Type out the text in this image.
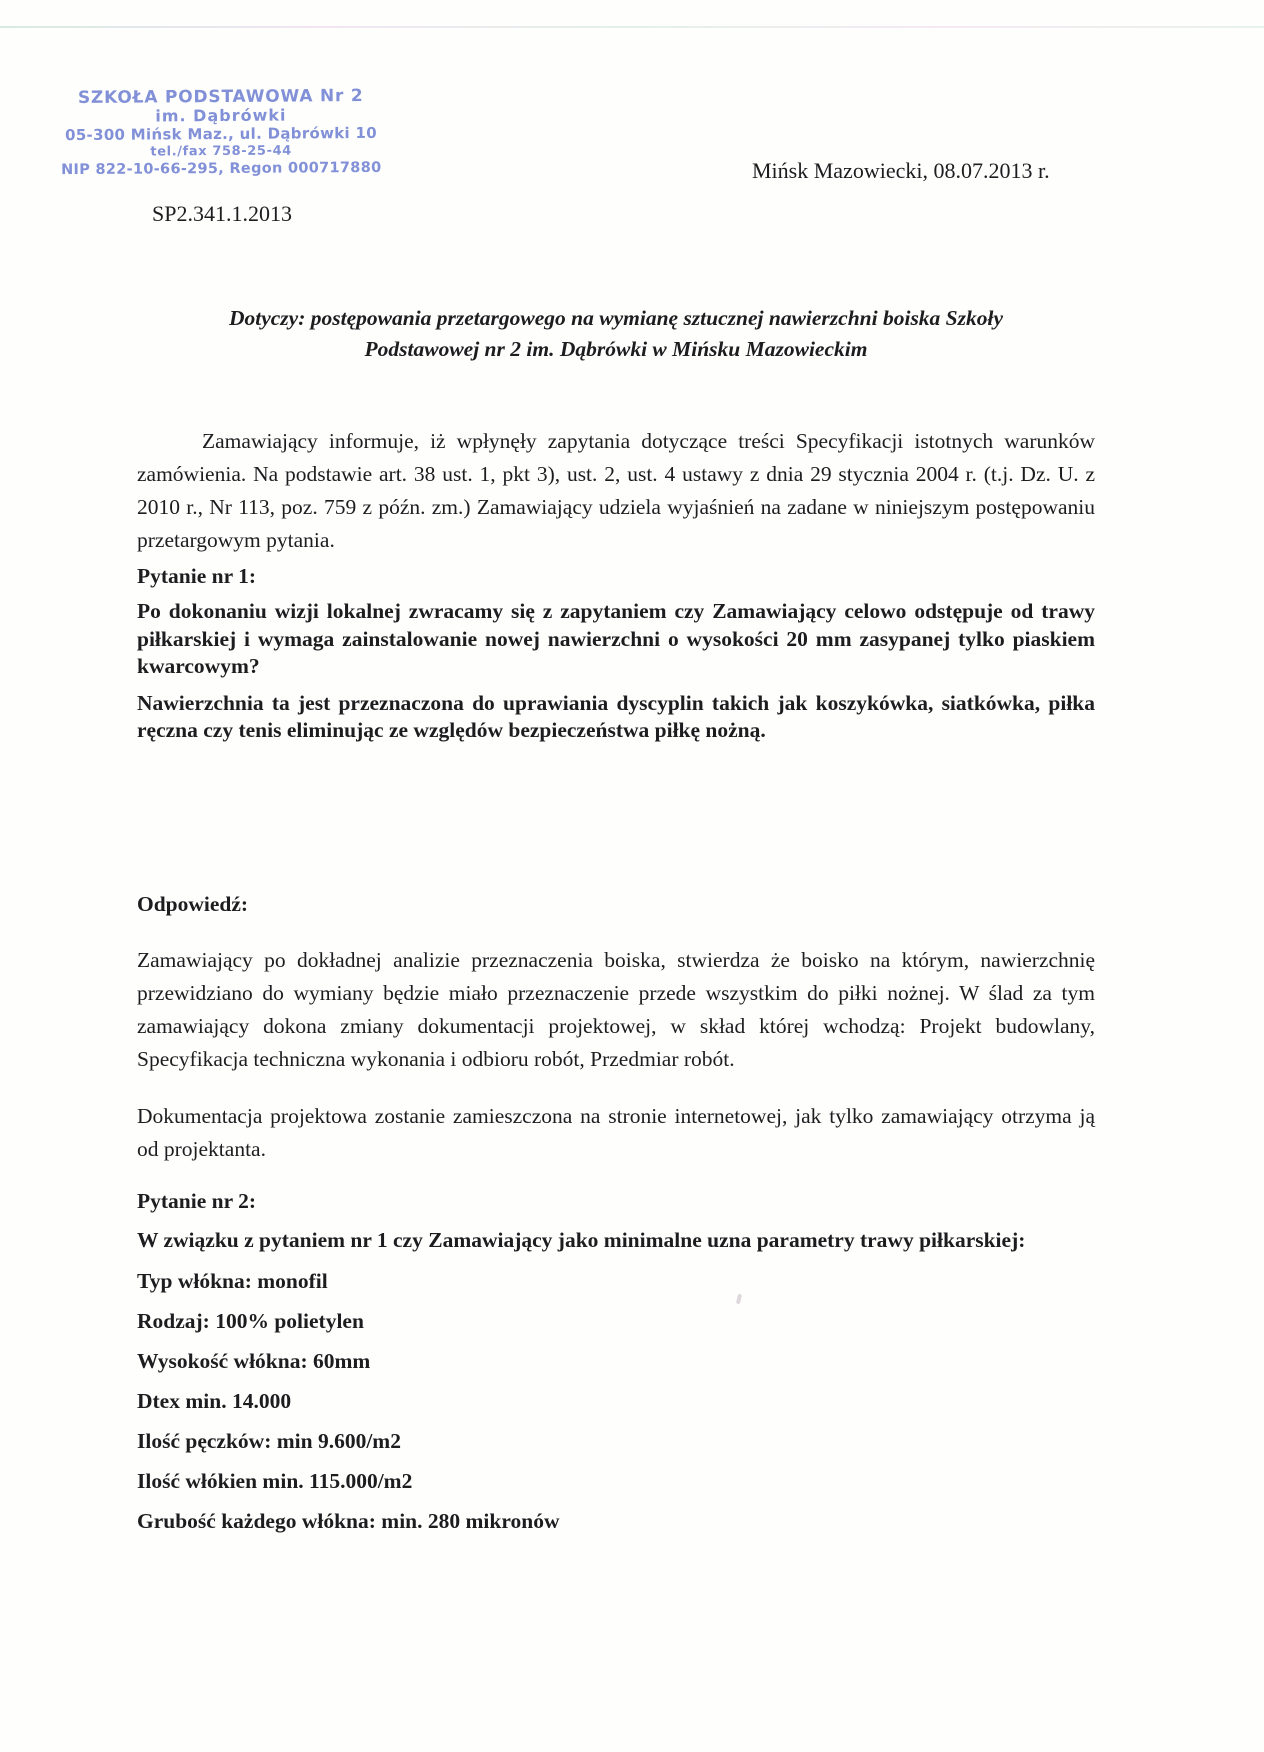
SZKOŁA PODSTAWOWA Nr 2
im. Dąbrówki
05-300 Mińsk Maz., ul. Dąbrówki 10
tel./fax 758-25-44
NIP 822-10-66-295, Regon 000717880	Mińsk Mazowiecki, 08.07.2013 r.
SP2.341.1.2013
Dotyczy: postępowania przetargowego na wymianę sztucznej nawierzchni boiska Szkoły
Podstawowej nr 2 im. Dąbrówki w Mińsku Mazowieckim

Zamawiający informuje, iż wpłynęły zapytania dotyczące treści Specyfikacji istotnych warunków zamówienia. Na podstawie art. 38 ust. 1, pkt 3), ust. 2, ust. 4 ustawy z dnia 29 stycznia 2004 r. (t.j. Dz. U. z 2010 r., Nr 113, poz. 759 z późn. zm.) Zamawiający udziela wyjaśnień na zadane w niniejszym postępowaniu przetargowym pytania.

Pytanie nr 1:

Po dokonaniu wizji lokalnej zwracamy się z zapytaniem czy Zamawiający celowo odstępuje od trawy piłkarskiej i wymaga zainstalowanie nowej nawierzchni o wysokości 20 mm zasypanej tylko piaskiem kwarcowym?

Nawierzchnia ta jest przeznaczona do uprawiania dyscyplin takich jak koszykówka, siatkówka, piłka ręczna czy tenis eliminując ze względów bezpieczeństwa piłkę nożną.

Odpowiedź:

Zamawiający po dokładnej analizie przeznaczenia boiska, stwierdza że boisko na którym, nawierzchnię przewidziano do wymiany będzie miało przeznaczenie przede wszystkim do piłki nożnej. W ślad za tym zamawiający dokona zmiany dokumentacji projektowej, w skład której wchodzą: Projekt budowlany, Specyfikacja techniczna wykonania i odbioru robót, Przedmiar robót.

Dokumentacja projektowa zostanie zamieszczona na stronie internetowej, jak tylko zamawiający otrzyma ją od projektanta.

Pytanie nr 2:

W związku z pytaniem nr 1 czy Zamawiający jako minimalne uzna parametry trawy piłkarskiej:

Typ włókna: monofil
Rodzaj: 100% polietylen
Wysokość włókna: 60mm
Dtex min. 14.000
Ilość pęczków: min 9.600/m2
Ilość włókien min. 115.000/m2
Grubość każdego włókna: min. 280 mikronów
